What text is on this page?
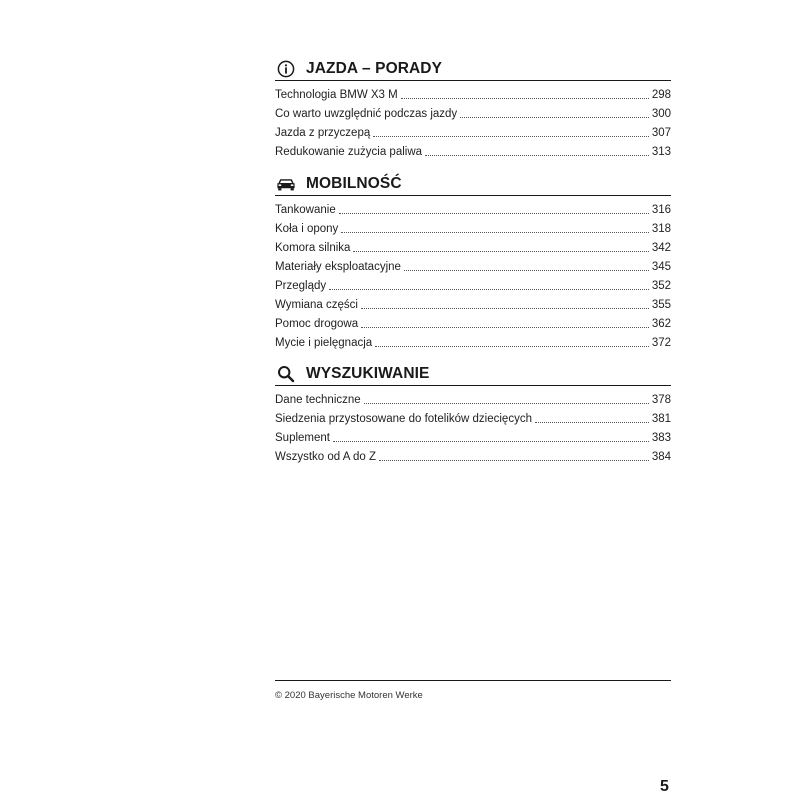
JAZDA – PORADY
Technologia BMW X3 M	298
Co warto uwzględnić podczas jazdy	300
Jazda z przyczepą	307
Redukowanie zużycia paliwa	313
MOBILNOŚĆ
Tankowanie	316
Koła i opony	318
Komora silnika	342
Materiały eksploatacyjne	345
Przeglądy	352
Wymiana części	355
Pomoc drogowa	362
Mycie i pielęgnacja	372
WYSZUKIWANIE
Dane techniczne	378
Siedzenia przystosowane do fotelików dziecięcych	381
Suplement	383
Wszystko od A do Z	384
© 2020 Bayerische Motoren Werke
5
